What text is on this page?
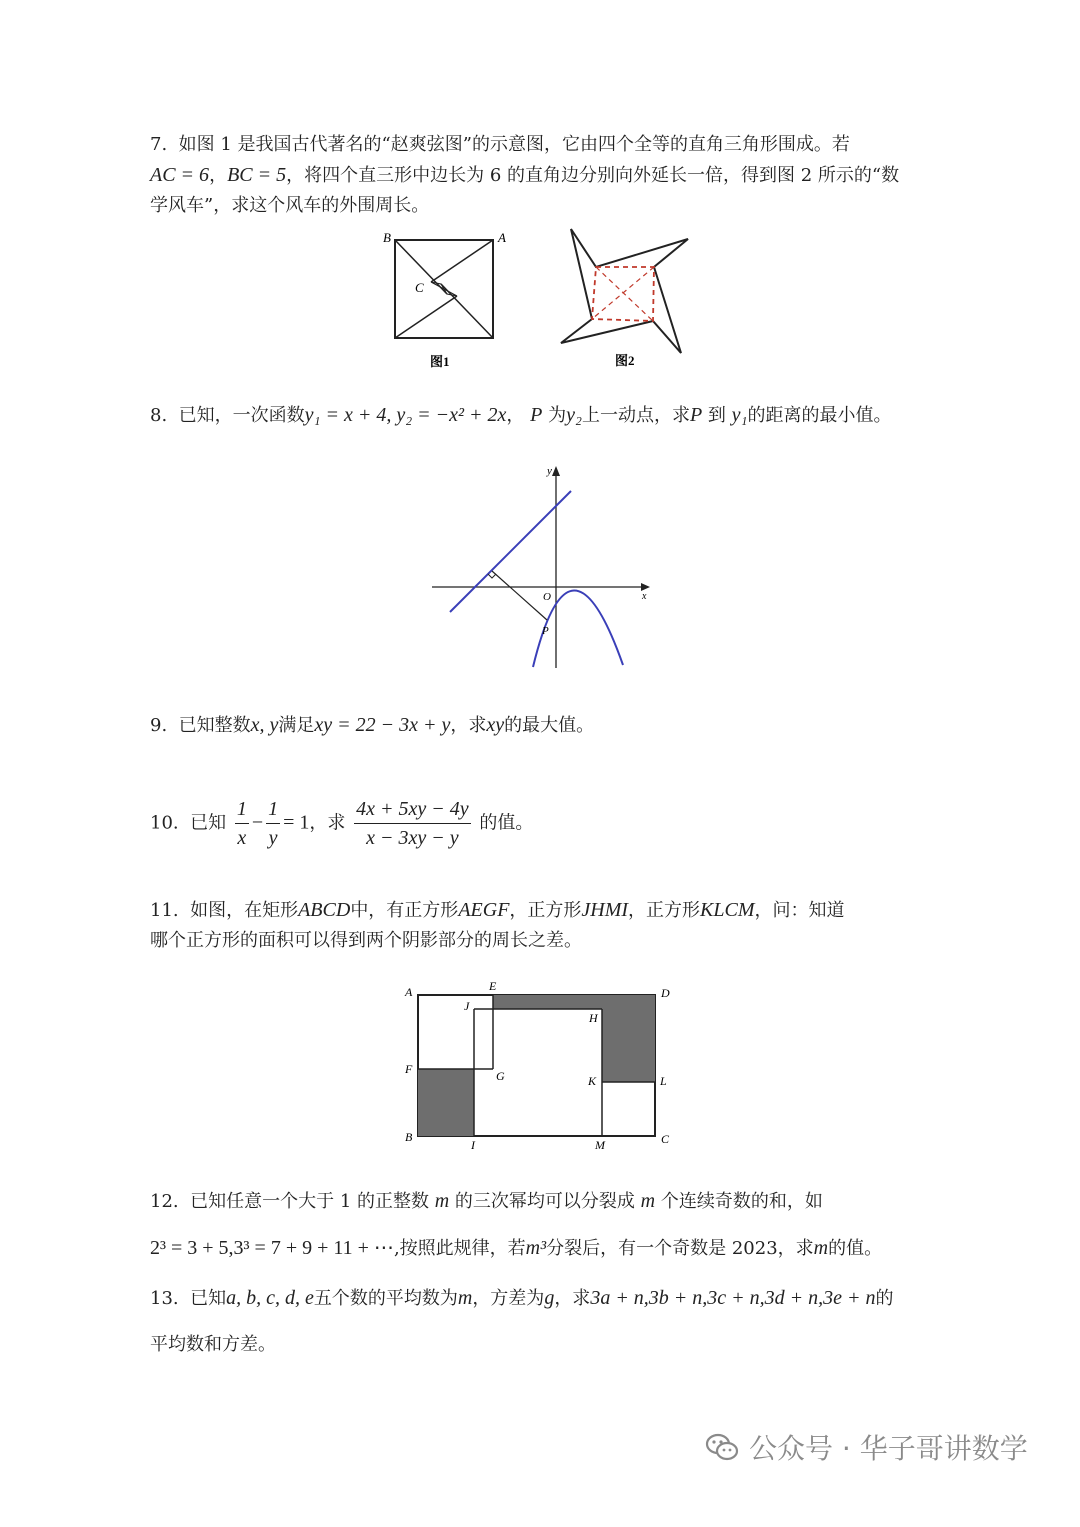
7. 如图 1 是我国古代著名的“赵爽弦图”的示意图，它由四个全等的直角三角形围成。若
AC = 6，BC = 5，将四个直三形中边长为 6 的直角边分别向外延长一倍，得到图 2 所示的“数
学风车”，求这个风车的外围周长。
B	A
C
图1	图2
8. 已知，一次函数y₁ = x + 4, y₂ = −x² + 2x， P 为y₂上一动点，求P 到 y₁的距离的最小值。
y
x
O
P
9. 已知整数x, y满足xy = 22 − 3x + y，求xy的最大值。
10. 已知 $\frac{1}{x} - \frac{1}{y} = 1$，求 $\frac{4x + 5xy - 4y}{x - 3xy - y}$ 的值。
11. 如图，在矩形ABCD中，有正方形AEGF，正方形JHMI，正方形KLCM，问：知道
哪个正方形的面积可以得到两个阴影部分的周长之差。
A	E	D
J
H
F	G	K	L
B
I	M	C
12. 已知任意一个大于 1 的正整数 m 的三次幂均可以分裂成 m 个连续奇数的和，如
2³ = 3 + 5,3³ = 7 + 9 + 11 + ⋯,按照此规律，若m³分裂后，有一个奇数是 2023，求m的值。
13. 已知a, b, c, d, e五个数的平均数为m，方差为g，求3a + n,3b + n,3c + n,3d + n,3e + n的
平均数和方差。
公众号 · 华子哥讲数学
